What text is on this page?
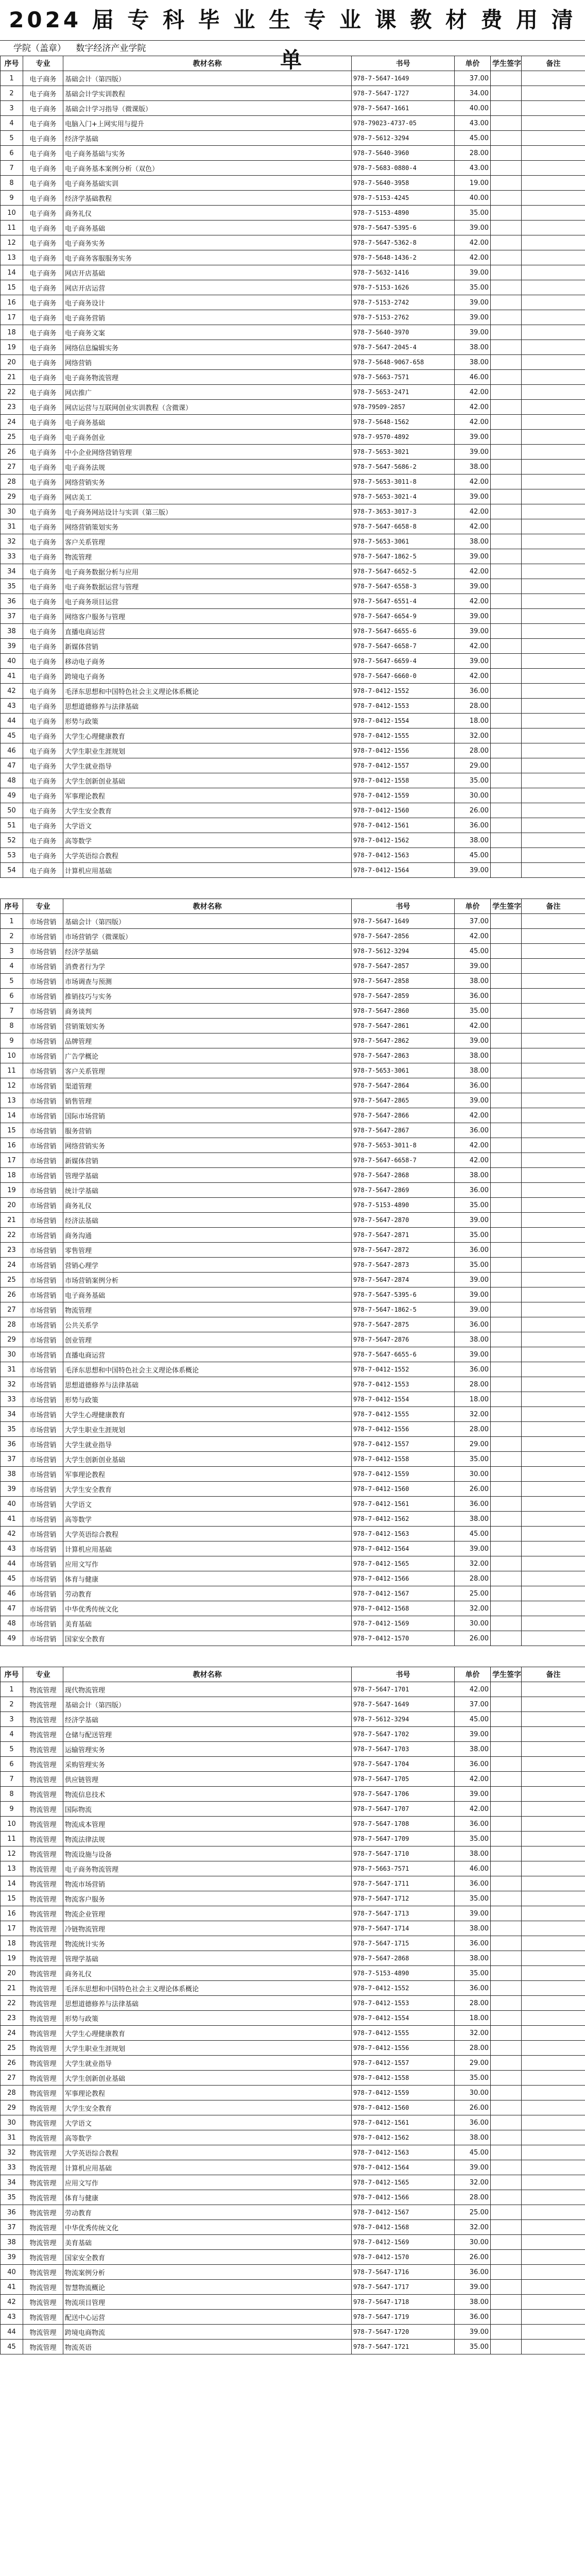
2024 届 专 科 毕 业 生 专 业 课 教 材 费 用 清 单
学院（盖章） 数字经济产业学院
序号	专业	教材名称	书号	单价	学生签字	备注
1	电子商务	基础会计（第四版）	978-7-5647-1649	37.00		
2	电子商务	基础会计学实训教程	978-7-5647-1727	34.00		
3	电子商务	基础会计学习指导（微课版）	978-7-5647-1661	40.00		
4	电子商务	电脑入门+上网实用与提升	978-79023-4737-05	43.00		
5	电子商务	经济学基础	978-7-5612-3294	45.00		
6	电子商务	电子商务基础与实务	978-7-5640-3960	28.00		
7	电子商务	电子商务基本案例分析（双色）	978-7-5683-0880-4	43.00		
8	电子商务	电子商务基础实训	978-7-5640-3958	19.00		
9	电子商务	经济学基础教程	978-7-5153-4245	40.00		
10	电子商务	商务礼仪	978-7-5153-4890	35.00		
11	电子商务	电子商务基础	978-7-5647-5395-6	39.00		
12	电子商务	电子商务实务	978-7-5647-5362-8	42.00		
13	电子商务	电子商务客服服务实务	978-7-5648-1436-2	42.00		
14	电子商务	网店开店基础	978-7-5632-1416	39.00		
15	电子商务	网店开店运营	978-7-5153-1626	35.00		
16	电子商务	电子商务设计	978-7-5153-2742	39.00		
17	电子商务	电子商务营销	978-7-5153-2762	39.00		
18	电子商务	电子商务文案	978-7-5640-3970	39.00		
19	电子商务	网络信息编辑实务	978-7-5647-2045-4	38.00		
20	电子商务	网络营销	978-7-5648-9067-658	38.00		
21	电子商务	电子商务物流管理	978-7-5663-7571	46.00		
22	电子商务	网店推广	978-7-5653-2471	42.00		
23	电子商务	网店运营与互联网创业实训教程（含微课）	978-79509-2857	42.00		
24	电子商务	电子商务基础	978-7-5648-1562	42.00		
25	电子商务	电子商务创业	978-7-9570-4892	39.00		
26	电子商务	中小企业网络营销管理	978-7-5653-3021	39.00		
27	电子商务	电子商务法规	978-7-5647-5686-2	38.00		
28	电子商务	网络营销实务	978-7-5653-3011-8	42.00		
29	电子商务	网店美工	978-7-5653-3021-4	39.00		
30	电子商务	电子商务网站设计与实训（第三版）	978-7-3653-3017-3	42.00		
31	电子商务	网络营销策划实务	978-7-5647-6658-8	42.00		
32	电子商务	客户关系管理	978-7-5653-3061	38.00		
33	电子商务	物流管理	978-7-5647-1862-5	39.00		
34	电子商务	电子商务数据分析与应用	978-7-5647-6652-5	42.00		
35	电子商务	电子商务数据运营与管理	978-7-5647-6558-3	39.00		
36	电子商务	电子商务项目运营	978-7-5647-6551-4	42.00		
37	电子商务	网络客户服务与管理	978-7-5647-6654-9	39.00		
38	电子商务	直播电商运营	978-7-5647-6655-6	39.00		
39	电子商务	新媒体营销	978-7-5647-6658-7	42.00		
40	电子商务	移动电子商务	978-7-5647-6659-4	39.00		
41	电子商务	跨境电子商务	978-7-5647-6660-0	42.00		
42	电子商务	毛泽东思想和中国特色社会主义理论体系概论	978-7-0412-1552	36.00		
43	电子商务	思想道德修养与法律基础	978-7-0412-1553	28.00		
44	电子商务	形势与政策	978-7-0412-1554	18.00		
45	电子商务	大学生心理健康教育	978-7-0412-1555	32.00		
46	电子商务	大学生职业生涯规划	978-7-0412-1556	28.00		
47	电子商务	大学生就业指导	978-7-0412-1557	29.00		
48	电子商务	大学生创新创业基础	978-7-0412-1558	35.00		
49	电子商务	军事理论教程	978-7-0412-1559	30.00		
50	电子商务	大学生安全教育	978-7-0412-1560	26.00		
51	电子商务	大学语文	978-7-0412-1561	36.00		
52	电子商务	高等数学	978-7-0412-1562	38.00		
53	电子商务	大学英语综合教程	978-7-0412-1563	45.00		
54	电子商务	计算机应用基础	978-7-0412-1564	39.00		
序号	专业	教材名称	书号	单价	学生签字	备注
1	市场营销	基础会计（第四版）	978-7-5647-1649	37.00		
2	市场营销	市场营销学（微课版）	978-7-5647-2856	42.00		
3	市场营销	经济学基础	978-7-5612-3294	45.00		
4	市场营销	消费者行为学	978-7-5647-2857	39.00		
5	市场营销	市场调查与预测	978-7-5647-2858	38.00		
6	市场营销	推销技巧与实务	978-7-5647-2859	36.00		
7	市场营销	商务谈判	978-7-5647-2860	35.00		
8	市场营销	营销策划实务	978-7-5647-2861	42.00		
9	市场营销	品牌管理	978-7-5647-2862	39.00		
10	市场营销	广告学概论	978-7-5647-2863	38.00		
11	市场营销	客户关系管理	978-7-5653-3061	38.00		
12	市场营销	渠道管理	978-7-5647-2864	36.00		
13	市场营销	销售管理	978-7-5647-2865	39.00		
14	市场营销	国际市场营销	978-7-5647-2866	42.00		
15	市场营销	服务营销	978-7-5647-2867	36.00		
16	市场营销	网络营销实务	978-7-5653-3011-8	42.00		
17	市场营销	新媒体营销	978-7-5647-6658-7	42.00		
18	市场营销	管理学基础	978-7-5647-2868	38.00		
19	市场营销	统计学基础	978-7-5647-2869	36.00		
20	市场营销	商务礼仪	978-7-5153-4890	35.00		
21	市场营销	经济法基础	978-7-5647-2870	39.00		
22	市场营销	商务沟通	978-7-5647-2871	35.00		
23	市场营销	零售管理	978-7-5647-2872	36.00		
24	市场营销	营销心理学	978-7-5647-2873	35.00		
25	市场营销	市场营销案例分析	978-7-5647-2874	39.00		
26	市场营销	电子商务基础	978-7-5647-5395-6	39.00		
27	市场营销	物流管理	978-7-5647-1862-5	39.00		
28	市场营销	公共关系学	978-7-5647-2875	36.00		
29	市场营销	创业管理	978-7-5647-2876	38.00		
30	市场营销	直播电商运营	978-7-5647-6655-6	39.00		
31	市场营销	毛泽东思想和中国特色社会主义理论体系概论	978-7-0412-1552	36.00		
32	市场营销	思想道德修养与法律基础	978-7-0412-1553	28.00		
33	市场营销	形势与政策	978-7-0412-1554	18.00		
34	市场营销	大学生心理健康教育	978-7-0412-1555	32.00		
35	市场营销	大学生职业生涯规划	978-7-0412-1556	28.00		
36	市场营销	大学生就业指导	978-7-0412-1557	29.00		
37	市场营销	大学生创新创业基础	978-7-0412-1558	35.00		
38	市场营销	军事理论教程	978-7-0412-1559	30.00		
39	市场营销	大学生安全教育	978-7-0412-1560	26.00		
40	市场营销	大学语文	978-7-0412-1561	36.00		
41	市场营销	高等数学	978-7-0412-1562	38.00		
42	市场营销	大学英语综合教程	978-7-0412-1563	45.00		
43	市场营销	计算机应用基础	978-7-0412-1564	39.00		
44	市场营销	应用文写作	978-7-0412-1565	32.00		
45	市场营销	体育与健康	978-7-0412-1566	28.00		
46	市场营销	劳动教育	978-7-0412-1567	25.00		
47	市场营销	中华优秀传统文化	978-7-0412-1568	32.00		
48	市场营销	美育基础	978-7-0412-1569	30.00		
49	市场营销	国家安全教育	978-7-0412-1570	26.00		
序号	专业	教材名称	书号	单价	学生签字	备注
1	物流管理	现代物流管理	978-7-5647-1701	42.00		
2	物流管理	基础会计（第四版）	978-7-5647-1649	37.00		
3	物流管理	经济学基础	978-7-5612-3294	45.00		
4	物流管理	仓储与配送管理	978-7-5647-1702	39.00		
5	物流管理	运输管理实务	978-7-5647-1703	38.00		
6	物流管理	采购管理实务	978-7-5647-1704	36.00		
7	物流管理	供应链管理	978-7-5647-1705	42.00		
8	物流管理	物流信息技术	978-7-5647-1706	39.00		
9	物流管理	国际物流	978-7-5647-1707	42.00		
10	物流管理	物流成本管理	978-7-5647-1708	36.00		
11	物流管理	物流法律法规	978-7-5647-1709	35.00		
12	物流管理	物流设施与设备	978-7-5647-1710	38.00		
13	物流管理	电子商务物流管理	978-7-5663-7571	46.00		
14	物流管理	物流市场营销	978-7-5647-1711	36.00		
15	物流管理	物流客户服务	978-7-5647-1712	35.00		
16	物流管理	物流企业管理	978-7-5647-1713	39.00		
17	物流管理	冷链物流管理	978-7-5647-1714	38.00		
18	物流管理	物流统计实务	978-7-5647-1715	36.00		
19	物流管理	管理学基础	978-7-5647-2868	38.00		
20	物流管理	商务礼仪	978-7-5153-4890	35.00		
21	物流管理	毛泽东思想和中国特色社会主义理论体系概论	978-7-0412-1552	36.00		
22	物流管理	思想道德修养与法律基础	978-7-0412-1553	28.00		
23	物流管理	形势与政策	978-7-0412-1554	18.00		
24	物流管理	大学生心理健康教育	978-7-0412-1555	32.00		
25	物流管理	大学生职业生涯规划	978-7-0412-1556	28.00		
26	物流管理	大学生就业指导	978-7-0412-1557	29.00		
27	物流管理	大学生创新创业基础	978-7-0412-1558	35.00		
28	物流管理	军事理论教程	978-7-0412-1559	30.00		
29	物流管理	大学生安全教育	978-7-0412-1560	26.00		
30	物流管理	大学语文	978-7-0412-1561	36.00		
31	物流管理	高等数学	978-7-0412-1562	38.00		
32	物流管理	大学英语综合教程	978-7-0412-1563	45.00		
33	物流管理	计算机应用基础	978-7-0412-1564	39.00		
34	物流管理	应用文写作	978-7-0412-1565	32.00		
35	物流管理	体育与健康	978-7-0412-1566	28.00		
36	物流管理	劳动教育	978-7-0412-1567	25.00		
37	物流管理	中华优秀传统文化	978-7-0412-1568	32.00		
38	物流管理	美育基础	978-7-0412-1569	30.00		
39	物流管理	国家安全教育	978-7-0412-1570	26.00		
40	物流管理	物流案例分析	978-7-5647-1716	36.00		
41	物流管理	智慧物流概论	978-7-5647-1717	39.00		
42	物流管理	物流项目管理	978-7-5647-1718	38.00		
43	物流管理	配送中心运营	978-7-5647-1719	36.00		
44	物流管理	跨境电商物流	978-7-5647-1720	39.00		
45	物流管理	物流英语	978-7-5647-1721	35.00		
